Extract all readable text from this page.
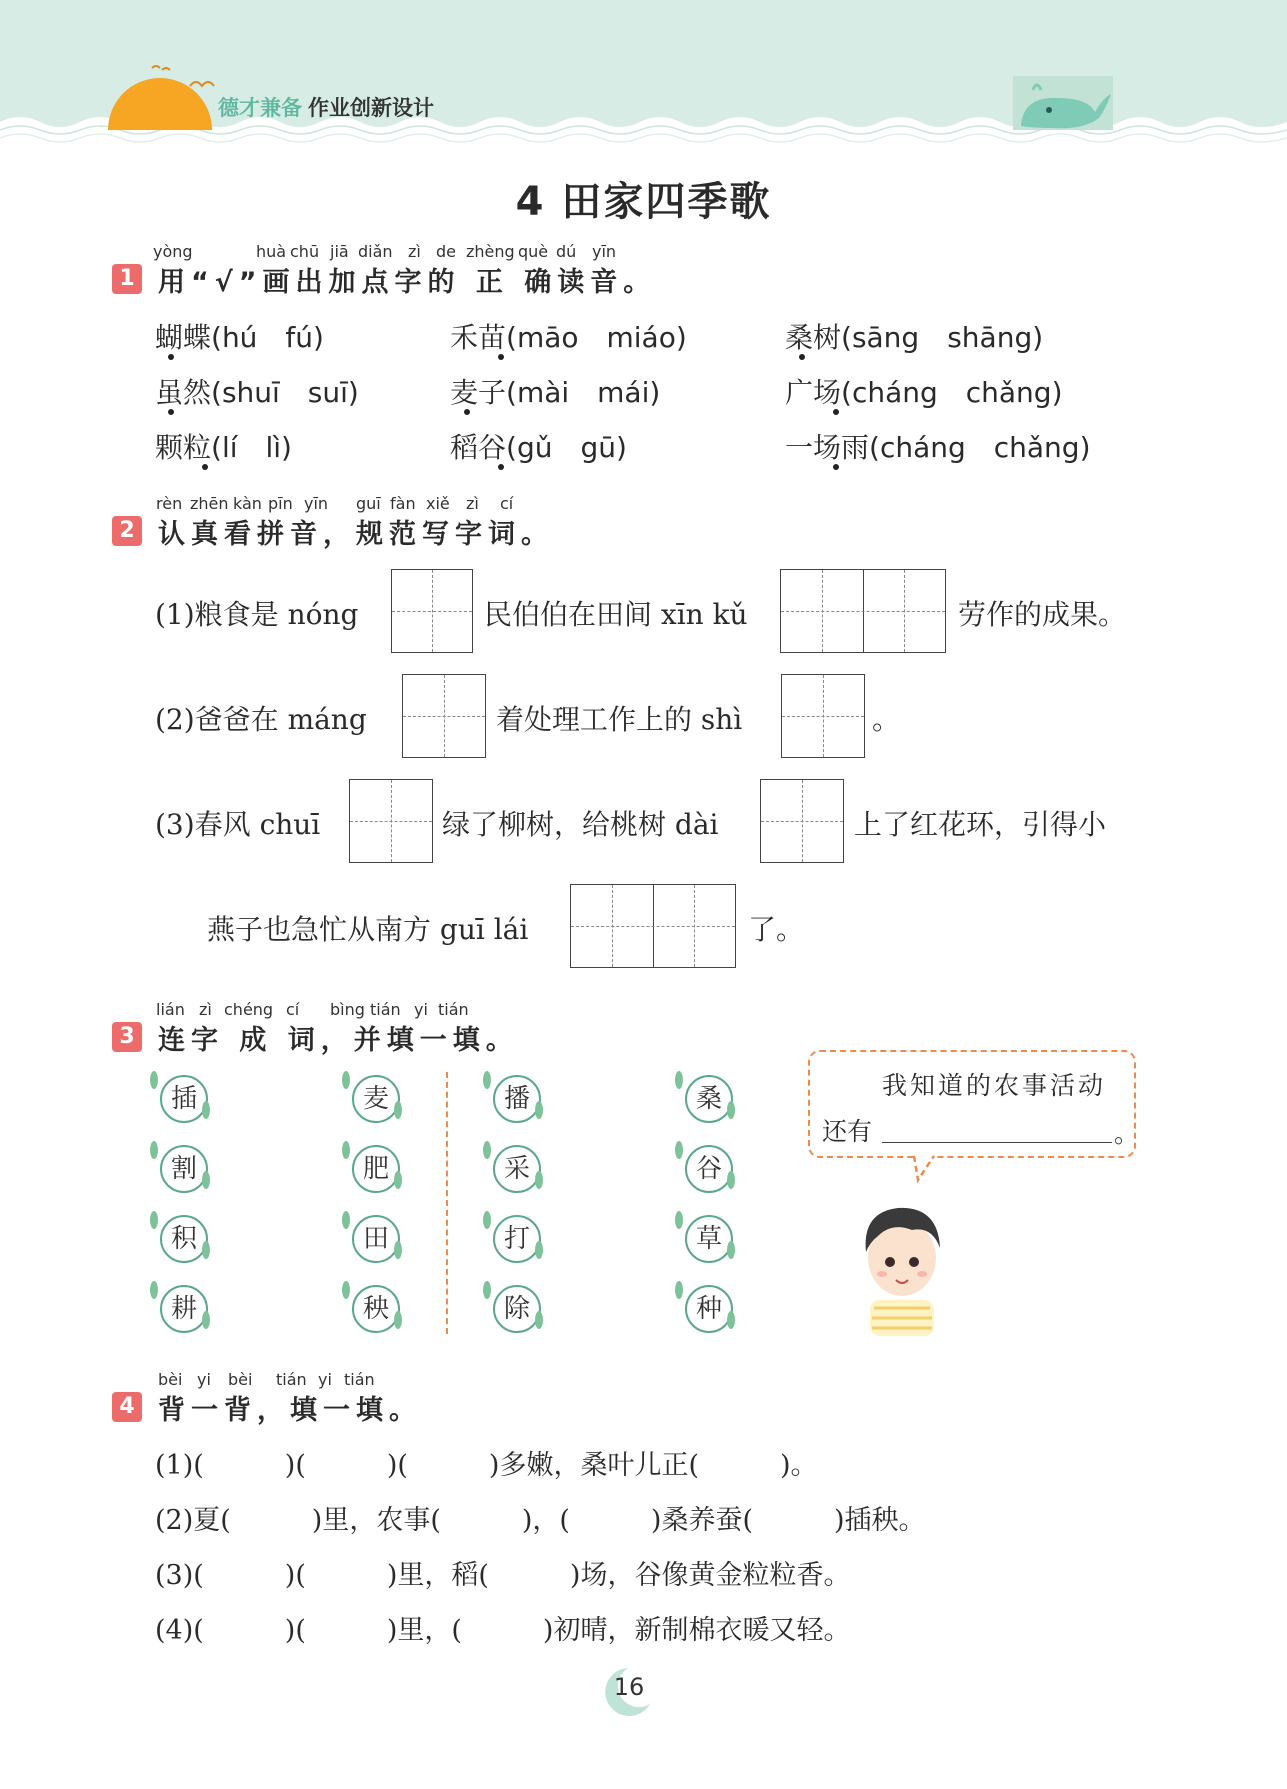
德才兼备 作业创新设计
4 田家四季歌
yòng	huà chū jiā diǎn zì de zhèng què dú yīn
1 用“√”画出加点字的 正 确读音。
蝴蝶(hú　fú)	禾苗(māo　miáo)	桑树(sāng　shāng)
虽然(shuī　suī)	麦子(mài　mái)	广场(cháng　chǎng)
颗粒(lí　lì)	稻谷(gǔ　gū)	一场雨(cháng　chǎng)
rèn zhēn kàn pīn yīn guī fàn xiě zì cí
2 认真看拼音，规范写字词。
(1)粮食是 nóng	民伯伯在田间 xīn kǔ	劳作的成果。
(2)爸爸在 máng	着处理工作上的 shì	。
(3)春风 chuī	绿了柳树，给桃树 dài	上了红花环，引得小
燕子也急忙从南方 guī lái	了。
lián zì chéng cí bìng tián yi tián
3 连字 成 词，并填一填。
插
割
积
耕
麦
肥
田
秧
播
采
打
除
桑
谷
草
种
我知道的农事活动
还有	。
bèi yi bèi tián yi tián
4 背一背，填一填。
(1)(　　　)(　　　)(　　　)多嫩，桑叶儿正(　　　)。
(2)夏(　　　)里，农事(　　　)，(　　　)桑养蚕(　　　)插秧。
(3)(　　　)(　　　)里，稻(　　　)场，谷像黄金粒粒香。
(4)(　　　)(　　　)里，(　　　)初晴，新制棉衣暖又轻。
16
